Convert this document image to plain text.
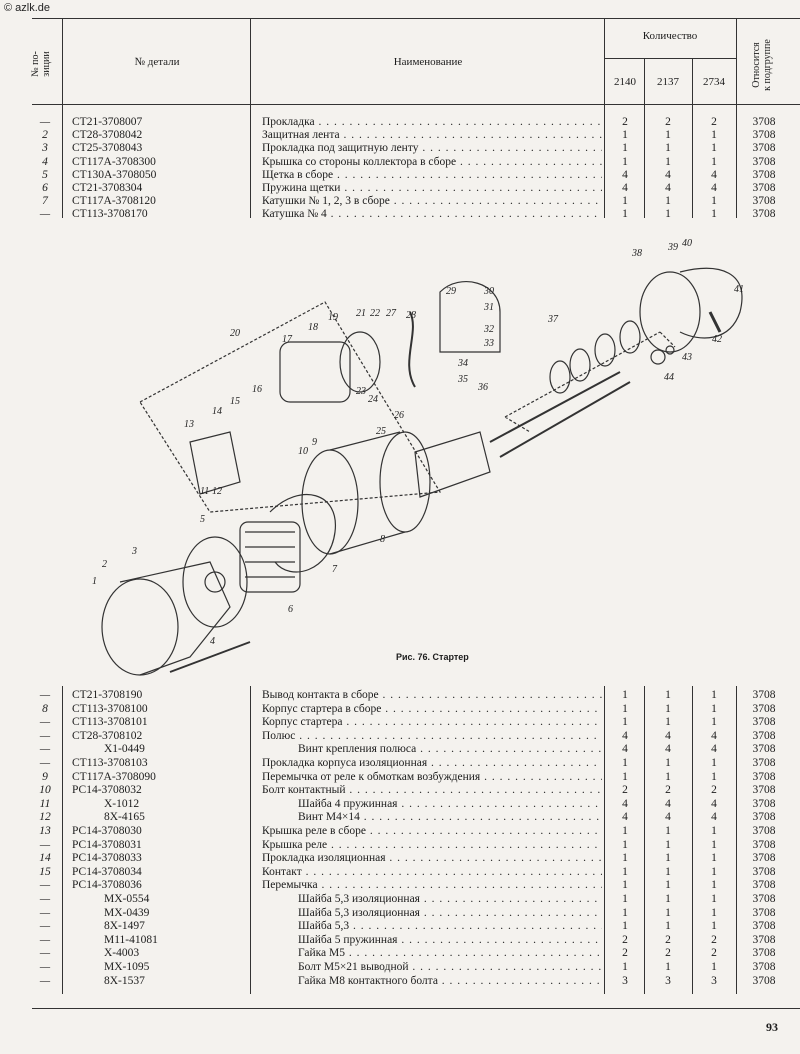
© azlk.de
№ по-
зиции	№ детали	Наименование
Количество
2140	2137	2734	Относится
к подгруппе
—	СТ21-3708007	Прокладка . . .	2	2	2	3708
2	СТ28-3708042	Защитная лента . . .	1	1	1	3708
3	СТ25-3708043	Прокладка под защитную ленту . . .	1	1	1	3708
4	СТ117А-3708300	Крышка со стороны коллектора в сборе . . .	1	1	1	3708
5	СТ130А-3708050	Щетка в сборе . . .	4	4	4	3708
6	СТ21-3708304	Пружина щетки . . .	4	4	4	3708
7	СТ117А-3708120	Катушки № 1, 2, 3 в сборе . . .	1	1	1	3708
—	СТ113-3708170	Катушка № 4 . . .	1	1	1	3708
1
2
3
4
5
6
7
8
9
10
11 12
13
14
15
16
17
18
19
20
21 22
23
24
25
26
27 28
29	30
31
32
33
34
35
36
37
38
39 40
41
42
43
44
Рис. 76. Стартер
—	СТ21-3708190	Вывод контакта в сборе . . .	1	1	1	3708
8	СТ113-3708100	Корпус стартера в сборе . . .	1	1	1	3708
—	СТ113-3708101	Корпус стартера . . .	1	1	1	3708
—	СТ28-3708102	Полюс . . .	4	4	4	3708
—	Х1-0449	Винт крепления полюса . . .	4	4	4	3708
—	СТ113-3708103	Прокладка корпуса изоляционная . . .	1	1	1	3708
9	СТ117А-3708090	Перемычка от реле к обмоткам возбуждения . . .	1	1	1	3708
10	РС14-3708032	Болт контактный . . .	2	2	2	3708
11	Х-1012	Шайба 4 пружинная . . .	4	4	4	3708
12	8Х-4165	Винт М4×14 . . .	4	4	4	3708
13	РС14-3708030	Крышка реле в сборе . . .	1	1	1	3708
—	РС14-3708031	Крышка реле . . .	1	1	1	3708
14	РС14-3708033	Прокладка изоляционная . . .	1	1	1	3708
15	РС14-3708034	Контакт . . .	1	1	1	3708
—	РС14-3708036	Перемычка . . .	1	1	1	3708
—	МХ-0554	Шайба 5,3 изоляционная . . .	1	1	1	3708
—	МХ-0439	Шайба 5,3 изоляционная . . .	1	1	1	3708
—	8Х-1497	Шайба 5,3 . . .	1	1	1	3708
—	М11-41081	Шайба 5 пружинная . . .	2	2	2	3708
—	Х-4003	Гайка М5 . . .	2	2	2	3708
—	МХ-1095	Болт М5×21 выводной . . .	1	1	1	3708
—	8Х-1537	Гайка М8 контактного болта . . .	3	3	3	3708
93
